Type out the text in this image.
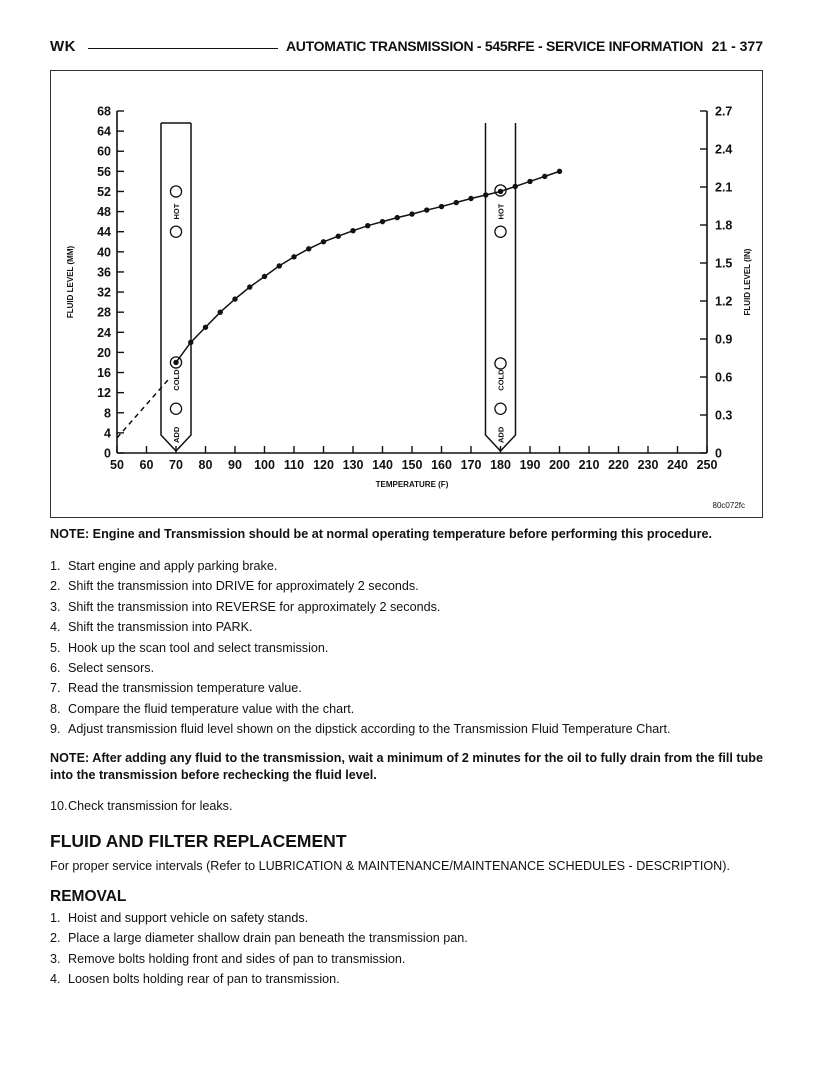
WK	AUTOMATIC TRANSMISSION - 545RFE - SERVICE INFORMATION 21 - 377
0
4
8
12
16
20
24
28
32
36
40
44
48
52
56
60
64
68
0
0.3
0.6
0.9
1.2
1.5
1.8
2.1
2.4
2.7
50 60 70 80 90 100 110 120 130 140 150 160 170 180 190 200 210 220 230 240 250
TEMPERATURE (F)
FLUID LEVEL (MM)	FLUID LEVEL (IN)
HOT
COLD
ADD
HOT
COLD
ADD
80c072fc

NOTE: Engine and Transmission should be at normal operating temperature before performing this procedure.

1. Start engine and apply parking brake.
2. Shift the transmission into DRIVE for approximately 2 seconds.
3. Shift the transmission into REVERSE for approximately 2 seconds.
4. Shift the transmission into PARK.
5. Hook up the scan tool and select transmission.
6. Select sensors.
7. Read the transmission temperature value.
8. Compare the fluid temperature value with the chart.
9. Adjust transmission fluid level shown on the dipstick according to the Transmission Fluid Temperature Chart.

NOTE: After adding any fluid to the transmission, wait a minimum of 2 minutes for the oil to fully drain from the fill tube into the transmission before rechecking the fluid level.

10. Check transmission for leaks.
FLUID AND FILTER REPLACEMENT

For proper service intervals (Refer to LUBRICATION & MAINTENANCE/MAINTENANCE SCHEDULES - DESCRIPTION).

REMOVAL
1. Hoist and support vehicle on safety stands.
2. Place a large diameter shallow drain pan beneath the transmission pan.
3. Remove bolts holding front and sides of pan to transmission.
4. Loosen bolts holding rear of pan to transmission.
